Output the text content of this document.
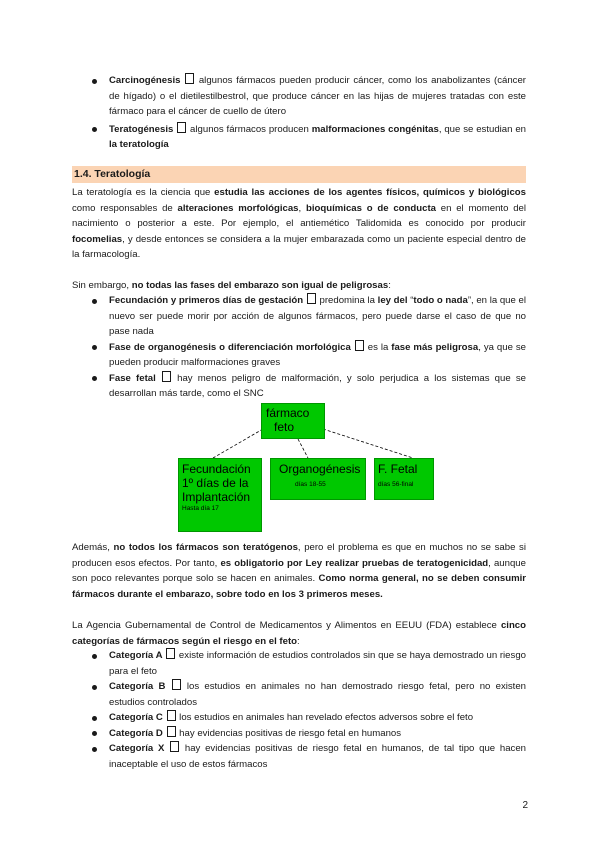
Carcinogénesis  algunos fármacos pueden producir cáncer, como los anabolizantes (cáncer de hígado) o el dietilestilbestrol, que produce cáncer en las hijas de mujeres tratadas con este fármaco para el cáncer de cuello de útero
Teratogénesis  algunos fármacos producen malformaciones congénitas, que se estudian en la teratología
1.4. Teratología
La teratología es la ciencia que estudia las acciones de los agentes físicos, químicos y biológicos como responsables de alteraciones morfológicas, bioquímicas o de conducta en el momento del nacimiento o posterior a este. Por ejemplo, el antiemético Talidomida es conocido por producir focomelias, y desde entonces se considera a la mujer embarazada como un paciente especial dentro de la farmacología.
Sin embargo, no todas las fases del embarazo son igual de peligrosas:
Fecundación y primeros días de gestación  predomina la ley del “todo o nada”, en la que el nuevo ser puede morir por acción de algunos fármacos, pero puede darse el caso de que no pase nada
Fase de organogénesis o diferenciación morfológica  es la fase más peligrosa, ya que se pueden producir malformaciones graves
Fase fetal  hay menos peligro de malformación, y solo perjudica a los sistemas que se desarrollan más tarde, como el SNC
fármaco
feto
Fecundación
1º días de la
Implantación
Hasta día 17
Organogénesis
días 18-55
F. Fetal
días 56-final
Además, no todos los fármacos son teratógenos, pero el problema es que en muchos no se sabe si producen esos efectos. Por tanto, es obligatorio por Ley realizar pruebas de teratogenicidad, aunque son poco relevantes porque solo se hacen en animales. Como norma general, no se deben consumir fármacos durante el embarazo, sobre todo en los 3 primeros meses.
La Agencia Gubernamental de Control de Medicamentos y Alimentos en EEUU (FDA) establece cinco categorías de fármacos según el riesgo en el feto:
Categoría A  existe información de estudios controlados sin que se haya demostrado un riesgo para el feto
Categoría B  los estudios en animales no han demostrado riesgo fetal, pero no existen estudios controlados
Categoría C  los estudios en animales han revelado efectos adversos sobre el feto
Categoría D  hay evidencias positivas de riesgo fetal en humanos
Categoría X  hay evidencias positivas de riesgo fetal en humanos, de tal tipo que hacen inaceptable el uso de estos fármacos
2
